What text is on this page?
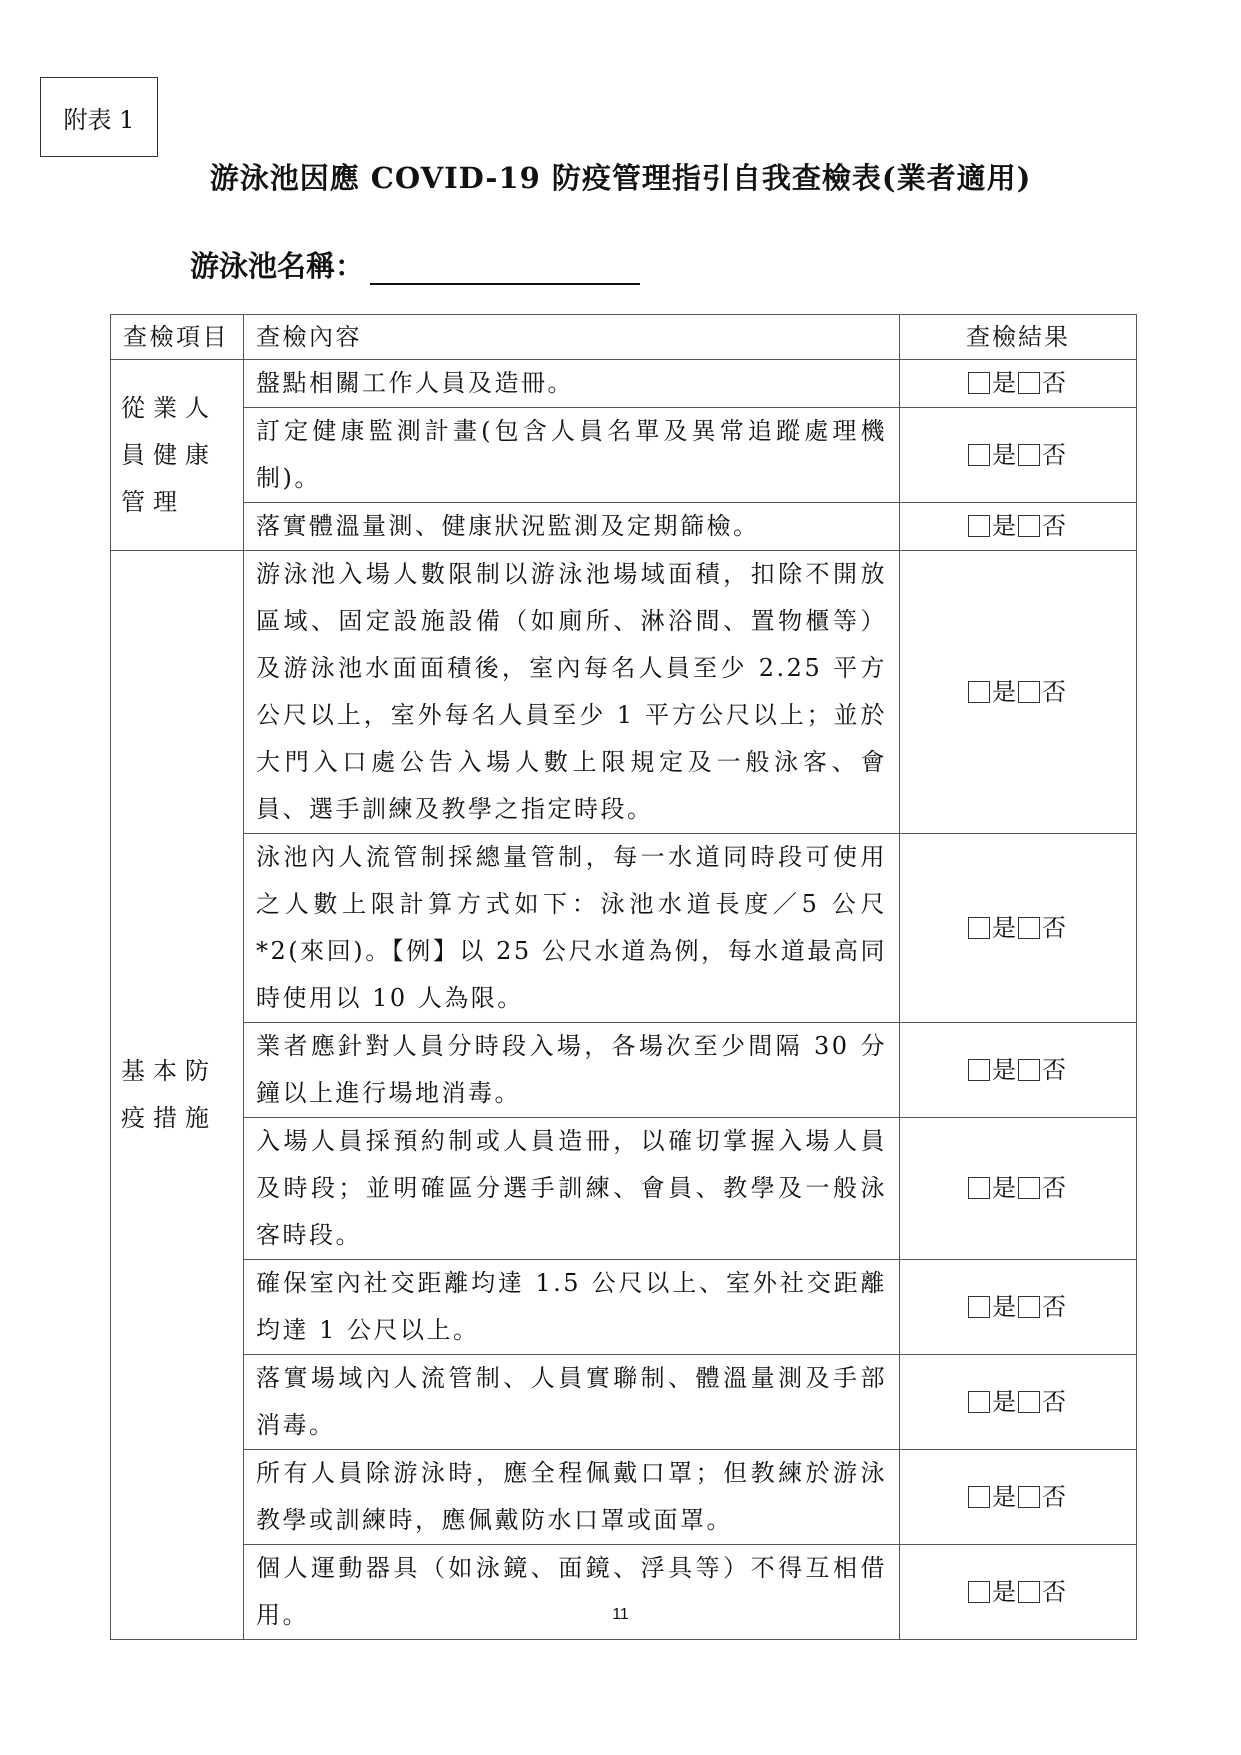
附表 1
游泳池因應 COVID-19 防疫管理指引自我查檢表(業者適用)
游泳池名稱：
查檢項目	查檢內容	查檢結果
從業人員健康管理	盤點相關工作人員及造冊。	是 否
	訂定健康監測計畫(包含人員名單及異常追蹤處理機制)。	是 否
	落實體溫量測、健康狀況監測及定期篩檢。	是 否
基本防疫措施	游泳池入場人數限制以游泳池場域面積，扣除不開放區域、固定設施設備（如廁所、淋浴間、置物櫃等）及游泳池水面面積後，室內每名人員至少 2.25 平方公尺以上，室外每名人員至少 1 平方公尺以上；並於大門入口處公告入場人數上限規定及一般泳客、會員、選手訓練及教學之指定時段。	是 否
	泳池內人流管制採總量管制，每一水道同時段可使用之人數上限計算方式如下：泳池水道長度／5 公尺*2(來回)。【例】以 25 公尺水道為例，每水道最高同時使用以 10 人為限。	是 否
	業者應針對人員分時段入場，各場次至少間隔 30 分鐘以上進行場地消毒。	是 否
	入場人員採預約制或人員造冊，以確切掌握入場人員及時段；並明確區分選手訓練、會員、教學及一般泳客時段。	是 否
	確保室內社交距離均達 1.5 公尺以上、室外社交距離均達 1 公尺以上。	是 否
	落實場域內人流管制、人員實聯制、體溫量測及手部消毒。	是 否
	所有人員除游泳時，應全程佩戴口罩；但教練於游泳教學或訓練時，應佩戴防水口罩或面罩。	是 否
	個人運動器具（如泳鏡、面鏡、浮具等）不得互相借用。	是 否
11
